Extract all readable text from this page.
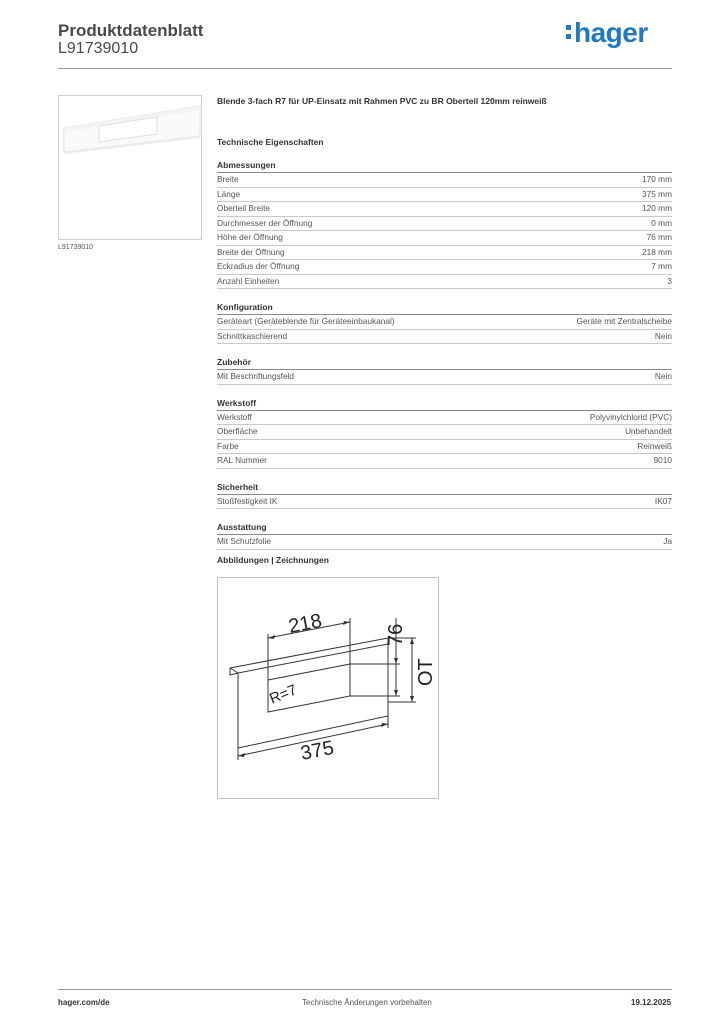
Produktdatenblatt
L91739010
hager
L91739010
Blende 3-fach R7 für UP-Einsatz mit Rahmen PVC zu BR Oberteil 120mm reinweiß
Technische Eigenschaften
Abmessungen
Breite	170 mm
Länge	375 mm
Oberteil Breite	120 mm
Durchmesser der Öffnung	0 mm
Höhe der Öffnung	76 mm
Breite der Öffnung	218 mm
Eckradius der Öffnung	7 mm
Anzahl Einheiten	3
Konfiguration
Geräteart (Geräteblende für Geräteeinbaukanal)	Geräte mit Zentralscheibe
Schnittkaschierend	Nein
Zubehör
Mit Beschriftungsfeld	Nein
Werkstoff
Werkstoff	Polyvinylchlorid (PVC)
Oberfläche	Unbehandelt
Farbe	Reinweiß
RAL Nummer	9010
Sicherheit
Stoßfestigkeit IK	IK07
Ausstattung
Mit Schutzfolie	Ja
Abbildungen | Zeichnungen
218	76
OT
R=7
375
hager.com/de	Technische Änderungen vorbehalten	19.12.2025
